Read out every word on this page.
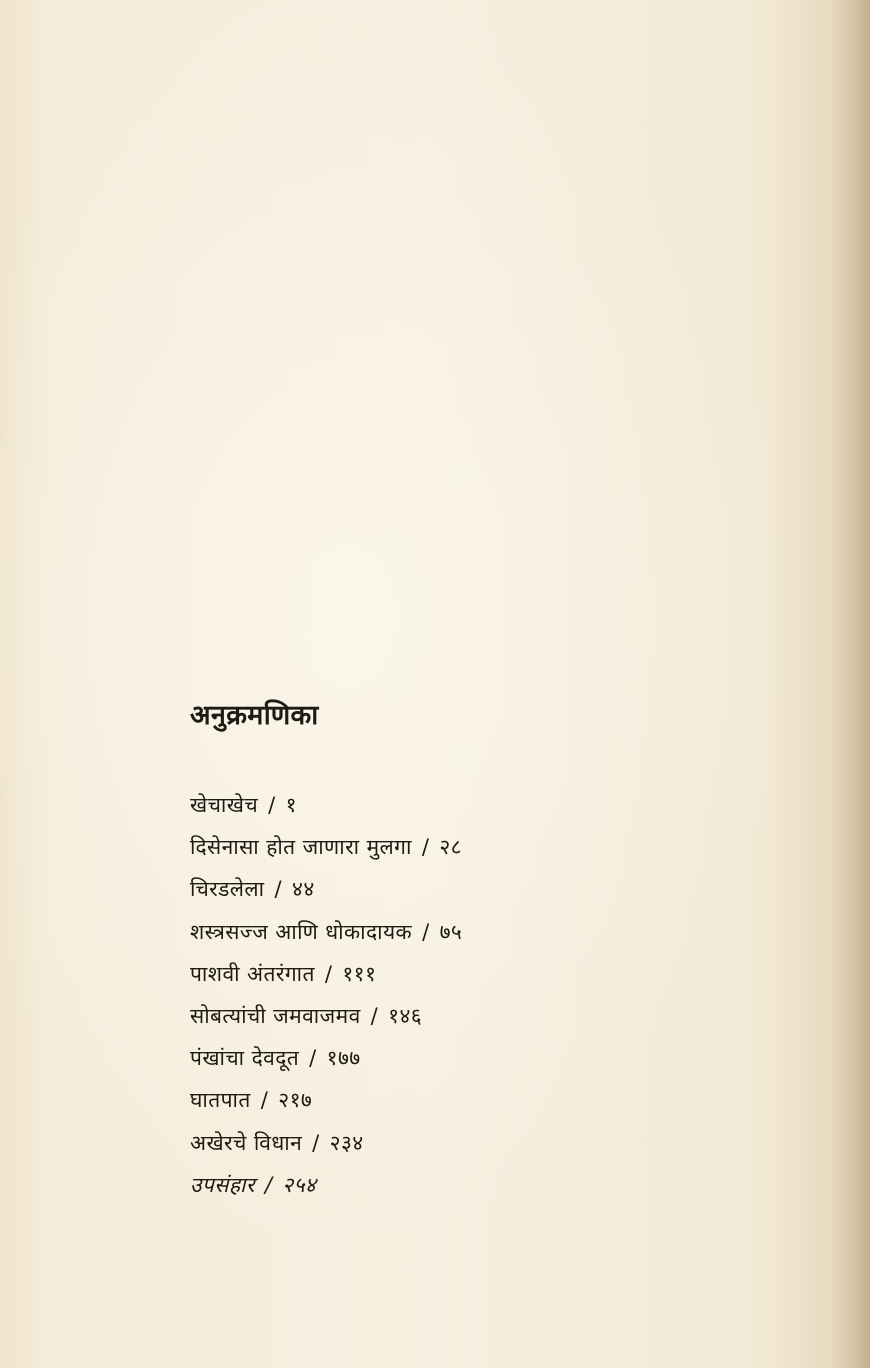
अनुक्रमणिका
खेचाखेच / १
दिसेनासा होत जाणारा मुलगा / २८
चिरडलेला / ४४
शस्त्रसज्ज आणि धोकादायक / ७५
पाशवी अंतरंगात / १११
सोबत्यांची जमवाजमव / १४६
पंखांचा देवदूत / १७७
घातपात / २१७
अखेरचे विधान / २३४
उपसंहार / २५४
